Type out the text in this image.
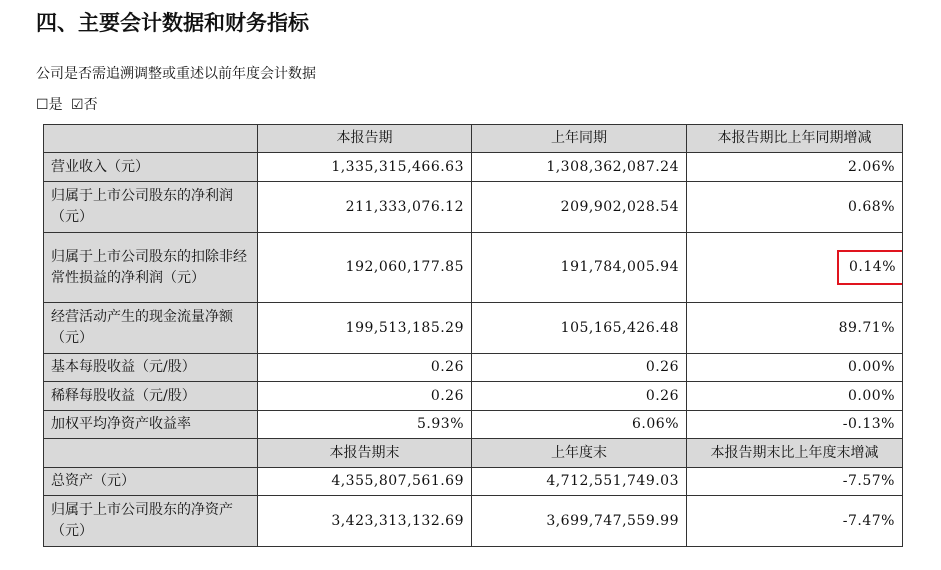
四、主要会计数据和财务指标
公司是否需追溯调整或重述以前年度会计数据
☐是 ☑否
	本报告期	上年同期	本报告期比上年同期增减
营业收入（元）	1,335,315,466.63	1,308,362,087.24	2.06%
归属于上市公司股东的净利润（元）	211,333,076.12	209,902,028.54	0.68%
归属于上市公司股东的扣除非经常性损益的净利润（元）	192,060,177.85	191,784,005.94	0.14%
经营活动产生的现金流量净额（元）	199,513,185.29	105,165,426.48	89.71%
基本每股收益（元/股）	0.26	0.26	0.00%
稀释每股收益（元/股）	0.26	0.26	0.00%
加权平均净资产收益率	5.93%	6.06%	-0.13%
	本报告期末	上年度末	本报告期末比上年度末增减
总资产（元）	4,355,807,561.69	4,712,551,749.03	-7.57%
归属于上市公司股东的净资产（元）	3,423,313,132.69	3,699,747,559.99	-7.47%
